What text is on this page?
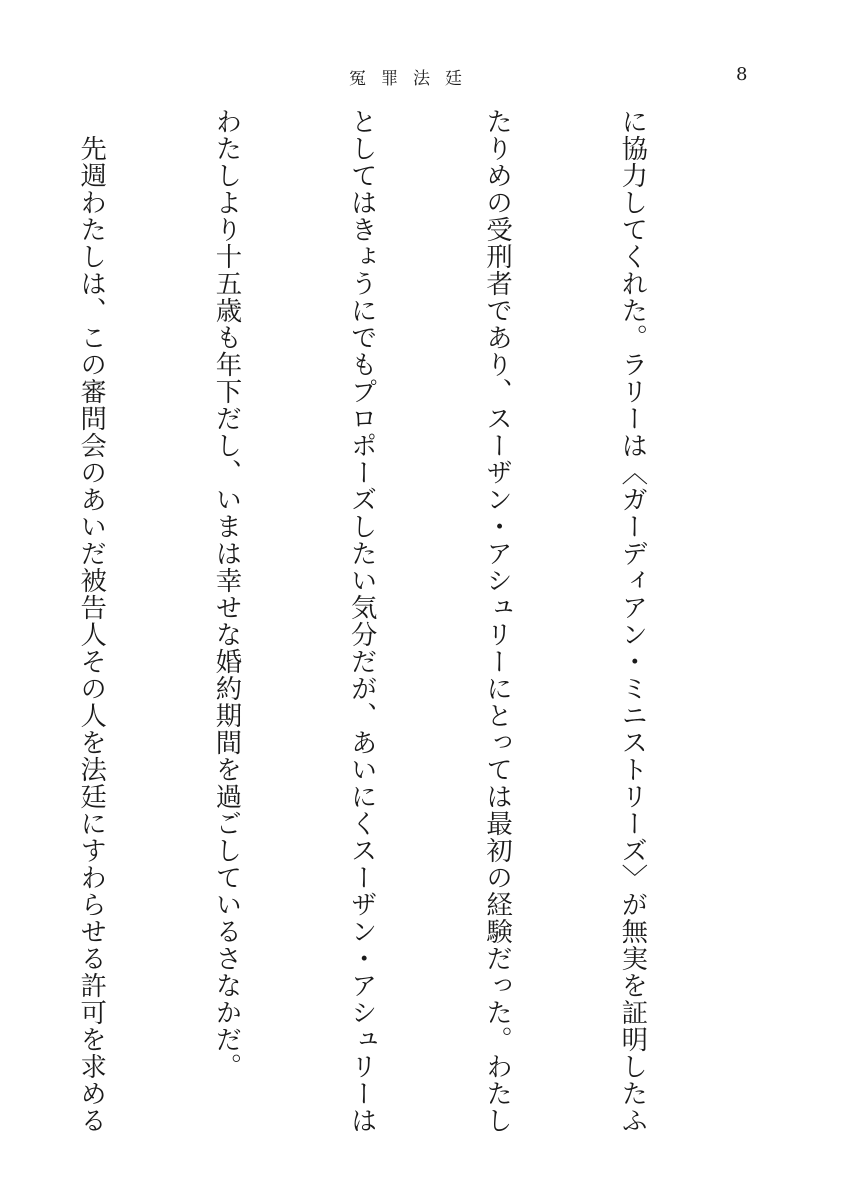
冤罪法廷	8

に協力してくれた。ラリーは〈ガーディアン・ミニストリーズ〉が無実を証明したふ

たりめの受刑者であり、スーザン・アシュリーにとっては最初の経験だった。わたし

としてはきょうにでもプロポーズしたい気分だが、あいにくスーザン・アシュリーは

わたしより十五歳も年下だし、いまは幸せな婚約期間を過ごしているさなかだ。

　先週わたしは、この審問会のあいだ被告人その人を法廷にすわらせる許可を求める
